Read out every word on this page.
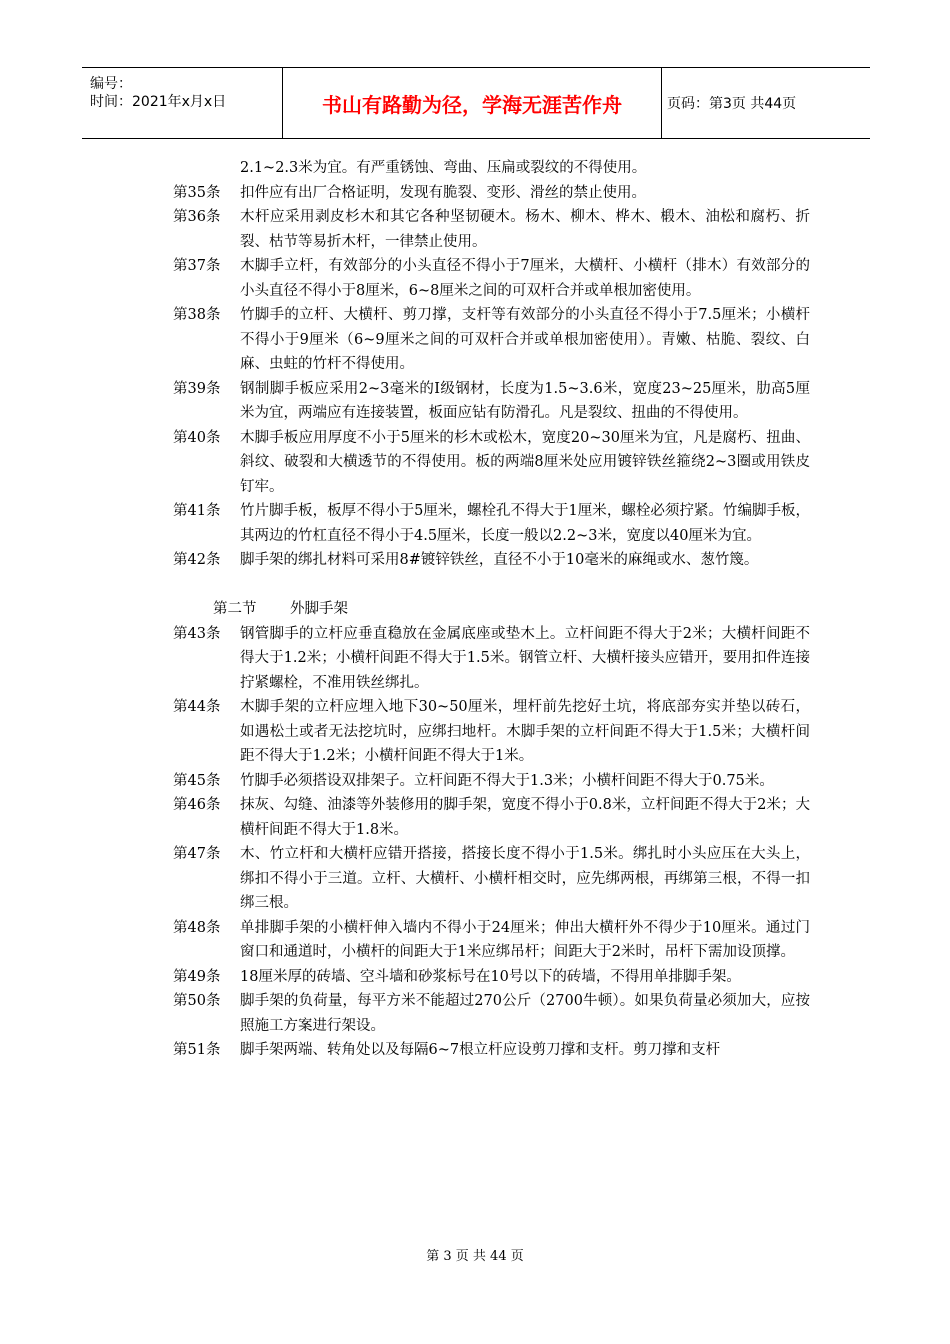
编号：
时间：2021年x月x日	书山有路勤为径，学海无涯苦作舟	页码：第3页 共44页
2.1~2.3米为宜。有严重锈蚀、弯曲、压扁或裂纹的不得使用。
第35条	扣件应有出厂合格证明，发现有脆裂、变形、滑丝的禁止使用。
第36条	木杆应采用剥皮杉木和其它各种坚韧硬木。杨木、柳木、桦木、椴木、油松和腐朽、折裂、枯节等易折木杆，一律禁止使用。
第37条	木脚手立杆，有效部分的小头直径不得小于7厘米，大横杆、小横杆（排木）有效部分的小头直径不得小于8厘米，6~8厘米之间的可双杆合并或单根加密使用。
第38条	竹脚手的立杆、大横杆、剪刀撑，支杆等有效部分的小头直径不得小于7.5厘米；小横杆不得小于9厘米（6~9厘米之间的可双杆合并或单根加密使用）。青嫩、枯脆、裂纹、白麻、虫蛀的竹杆不得使用。
第39条	钢制脚手板应采用2~3毫米的I级钢材，长度为1.5~3.6米，宽度23~25厘米，肋高5厘米为宜，两端应有连接装置，板面应钻有防滑孔。凡是裂纹、扭曲的不得使用。
第40条	木脚手板应用厚度不小于5厘米的杉木或松木，宽度20~30厘米为宜，凡是腐朽、扭曲、斜纹、破裂和大横透节的不得使用。板的两端8厘米处应用镀锌铁丝箍绕2~3圈或用铁皮钉牢。
第41条	竹片脚手板，板厚不得小于5厘米，螺栓孔不得大于1厘米，螺栓必须拧紧。竹编脚手板，其两边的竹杠直径不得小于4.5厘米，长度一般以2.2~3米，宽度以40厘米为宜。
第42条	脚手架的绑扎材料可采用8#镀锌铁丝，直径不小于10毫米的麻绳或水、葱竹篾。
第二节 外脚手架

第43条	钢管脚手的立杆应垂直稳放在金属底座或垫木上。立杆间距不得大于2米；大横杆间距不得大于1.2米；小横杆间距不得大于1.5米。钢管立杆、大横杆接头应错开，要用扣件连接拧紧螺栓，不准用铁丝绑扎。
第44条	木脚手架的立杆应埋入地下30~50厘米，埋杆前先挖好土坑，将底部夯实并垫以砖石，如遇松土或者无法挖坑时，应绑扫地杆。木脚手架的立杆间距不得大于1.5米；大横杆间距不得大于1.2米；小横杆间距不得大于1米。
第45条	竹脚手必须搭设双排架子。立杆间距不得大于1.3米；小横杆间距不得大于0.75米。
第46条	抹灰、勾缝、油漆等外装修用的脚手架，宽度不得小于0.8米，立杆间距不得大于2米；大横杆间距不得大于1.8米。
第47条	木、竹立杆和大横杆应错开搭接，搭接长度不得小于1.5米。绑扎时小头应压在大头上，绑扣不得小于三道。立杆、大横杆、小横杆相交时，应先绑两根，再绑第三根，不得一扣绑三根。
第48条	单排脚手架的小横杆伸入墙内不得小于24厘米；伸出大横杆外不得少于10厘米。通过门窗口和通道时，小横杆的间距大于1米应绑吊杆；间距大于2米时，吊杆下需加设顶撑。
第49条	18厘米厚的砖墙、空斗墙和砂浆标号在10号以下的砖墙，不得用单排脚手架。
第50条	脚手架的负荷量，每平方米不能超过270公斤（2700牛顿）。如果负荷量必须加大，应按照施工方案进行架设。
第51条	脚手架两端、转角处以及每隔6~7根立杆应设剪刀撑和支杆。剪刀撑和支杆
第 3 页 共 44 页
